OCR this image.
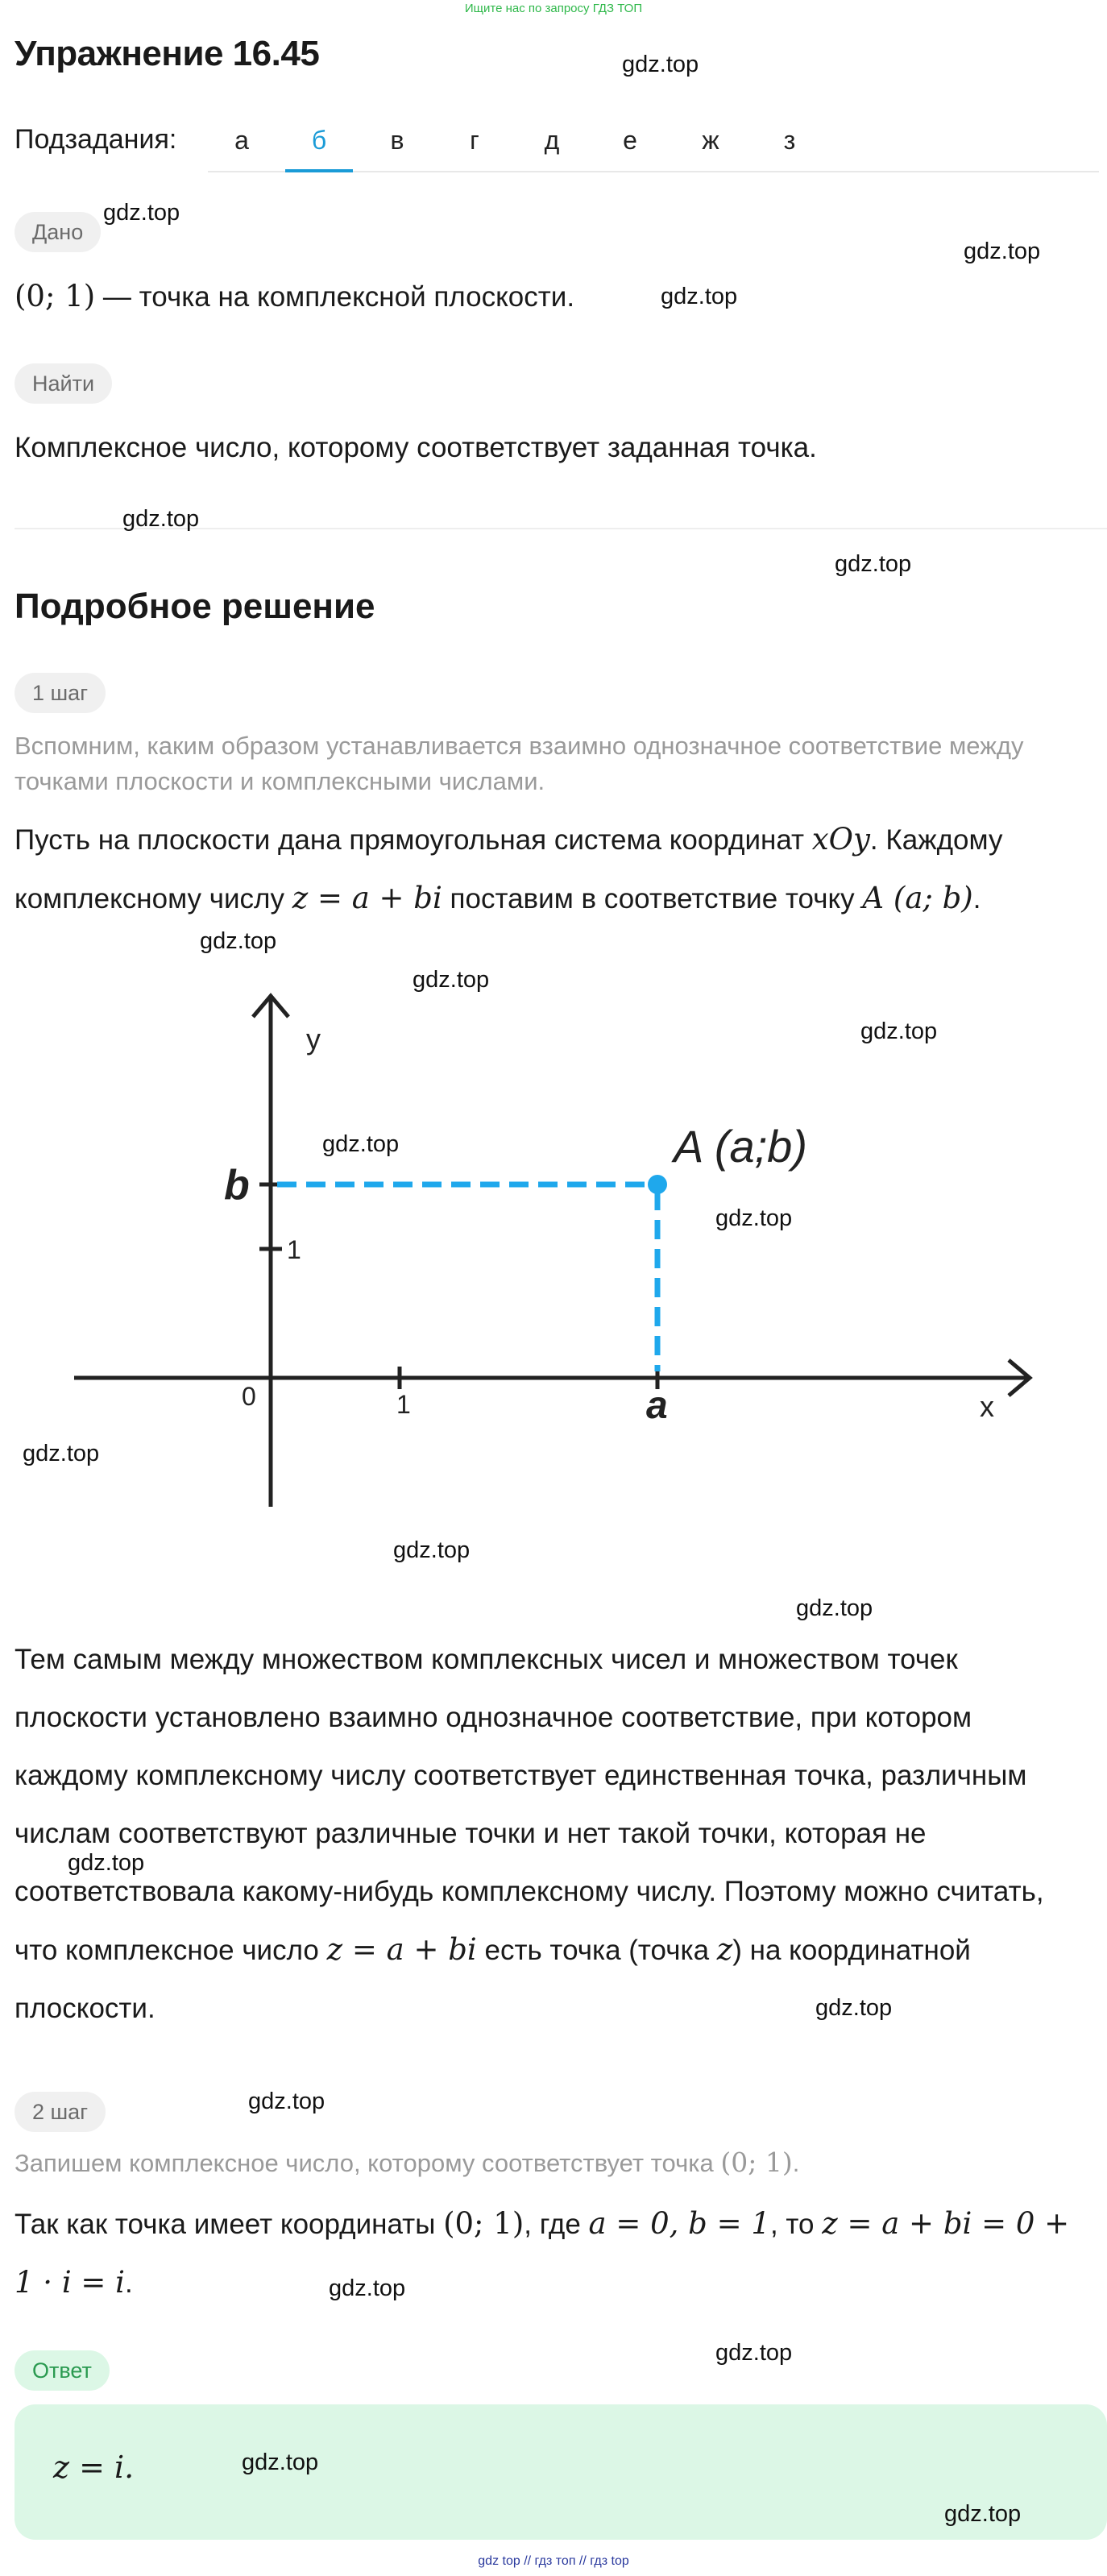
Ищите нас по запросу ГДЗ ТОП
Упражнение 16.45
Подзадания:	а	б	в	г	д	е	ж	з
Дано
(0; 1) — точка на комплексной плоскости.
Найти
Комплексное число, которому соответствует заданная точка.
Подробное решение
1 шаг
Вспомним, каким образом устанавливается взаимно однозначное соответствие между
точками плоскости и комплексными числами.
Пусть на плоскости дана прямоугольная система координат xOy. Каждому
комплексному числу z = a + bi поставим в соответствие точку A (a; b).
y
x
0	1
1
b
a
A (a;b)
Тем самым между множеством комплексных чисел и множеством точек
плоскости установлено взаимно однозначное соответствие, при котором
каждому комплексному числу соответствует единственная точка, различным
числам соответствуют различные точки и нет такой точки, которая не
соответствовала какому-нибудь комплексному числу. Поэтому можно считать,
что комплексное число z = a + bi есть точка (точка z) на координатной
плоскости.
2 шаг
Запишем комплексное число, которому соответствует точка (0; 1).
Так как точка имеет координаты (0; 1), где a = 0, b = 1, то z = a + bi = 0 +
1 · i = i.
Ответ
z = i.
gdz.top
gdz.top
gdz.top
gdz.top
gdz.top
gdz.top
gdz.top
gdz.top
gdz.top
gdz.top
gdz.top
gdz.top
gdz.top
gdz.top
gdz.top
gdz.top
gdz.top
gdz.top
gdz.top
gdz.top
gdz.top
gdz top // гдз топ // гдз top
